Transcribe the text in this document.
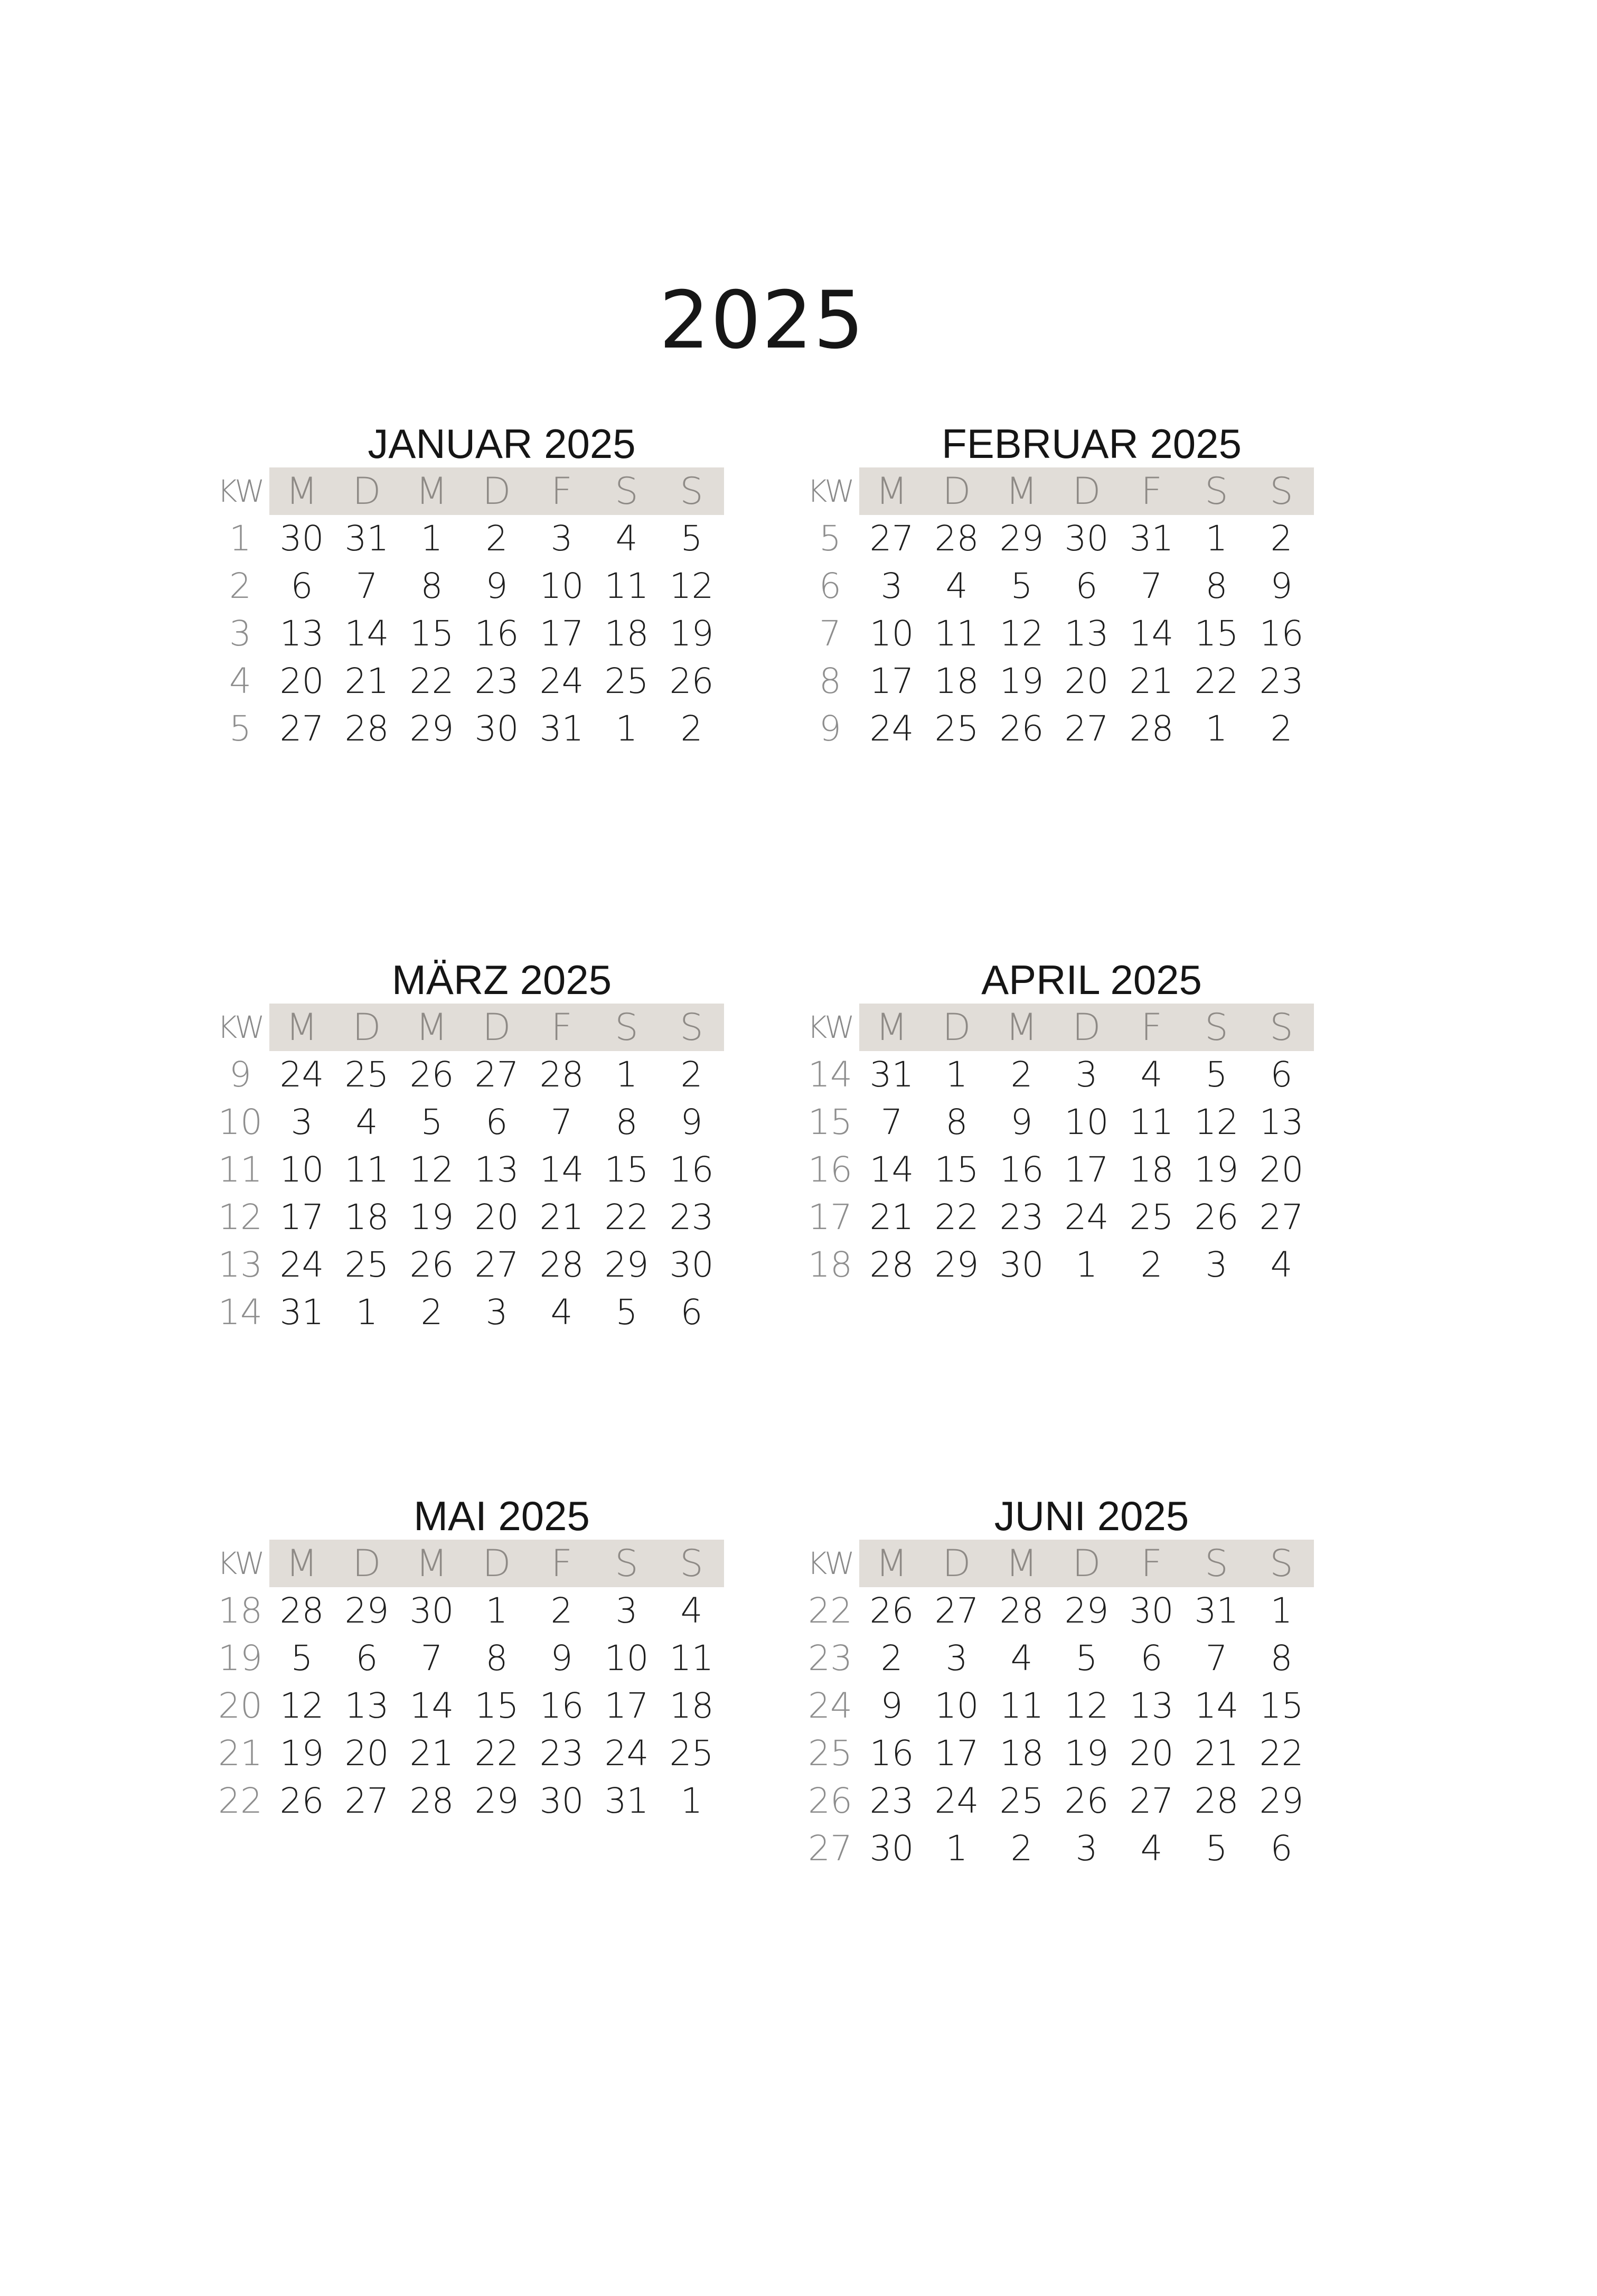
2025
JANUAR 2025
KW M D M D	F	S	S
1 30 31 1	2	3	4	5
2	6	7	8	9 10 11 12
3 13 14 15 16 17 18 19
4 20 21 22 23 24 25 26
5 27 28 29 30 31 1	2
FEBRUAR 2025
KW M D M D	F	S	S
5 27 28 29 30 31 1	2
6	3	4	5	6	7	8	9
7 10 11 12 13 14 15 16
8 17 18 19 20 21 22 23
9 24 25 26 27 28 1	2
MÄRZ 2025
KW M D M D	F	S	S
9 24 25 26 27 28 1	2
10 3	4	5	6	7	8	9
11 10 11 12 13 14 15 16
12 17 18 19 20 21 22 23
13 24 25 26 27 28 29 30
14 31 1	2	3	4	5	6
APRIL 2025
KW M D M D	F	S	S
14 31 1	2	3	4	5	6
15 7	8	9 10 11 12 13
16 14 15 16 17 18 19 20
17 21 22 23 24 25 26 27
18 28 29 30 1	2	3	4
MAI 2025
KW M D M D	F	S	S
18 28 29 30 1	2	3	4
19 5	6	7	8	9 10 11
20 12 13 14 15 16 17 18
21 19 20 21 22 23 24 25
22 26 27 28 29 30 31 1
JUNI 2025
KW M D M D	F	S	S
22 26 27 28 29 30 31 1
23 2	3	4	5	6	7	8
24 9 10 11 12 13 14 15
25 16 17 18 19 20 21 22
26 23 24 25 26 27 28 29
27 30 1	2	3	4	5	6
